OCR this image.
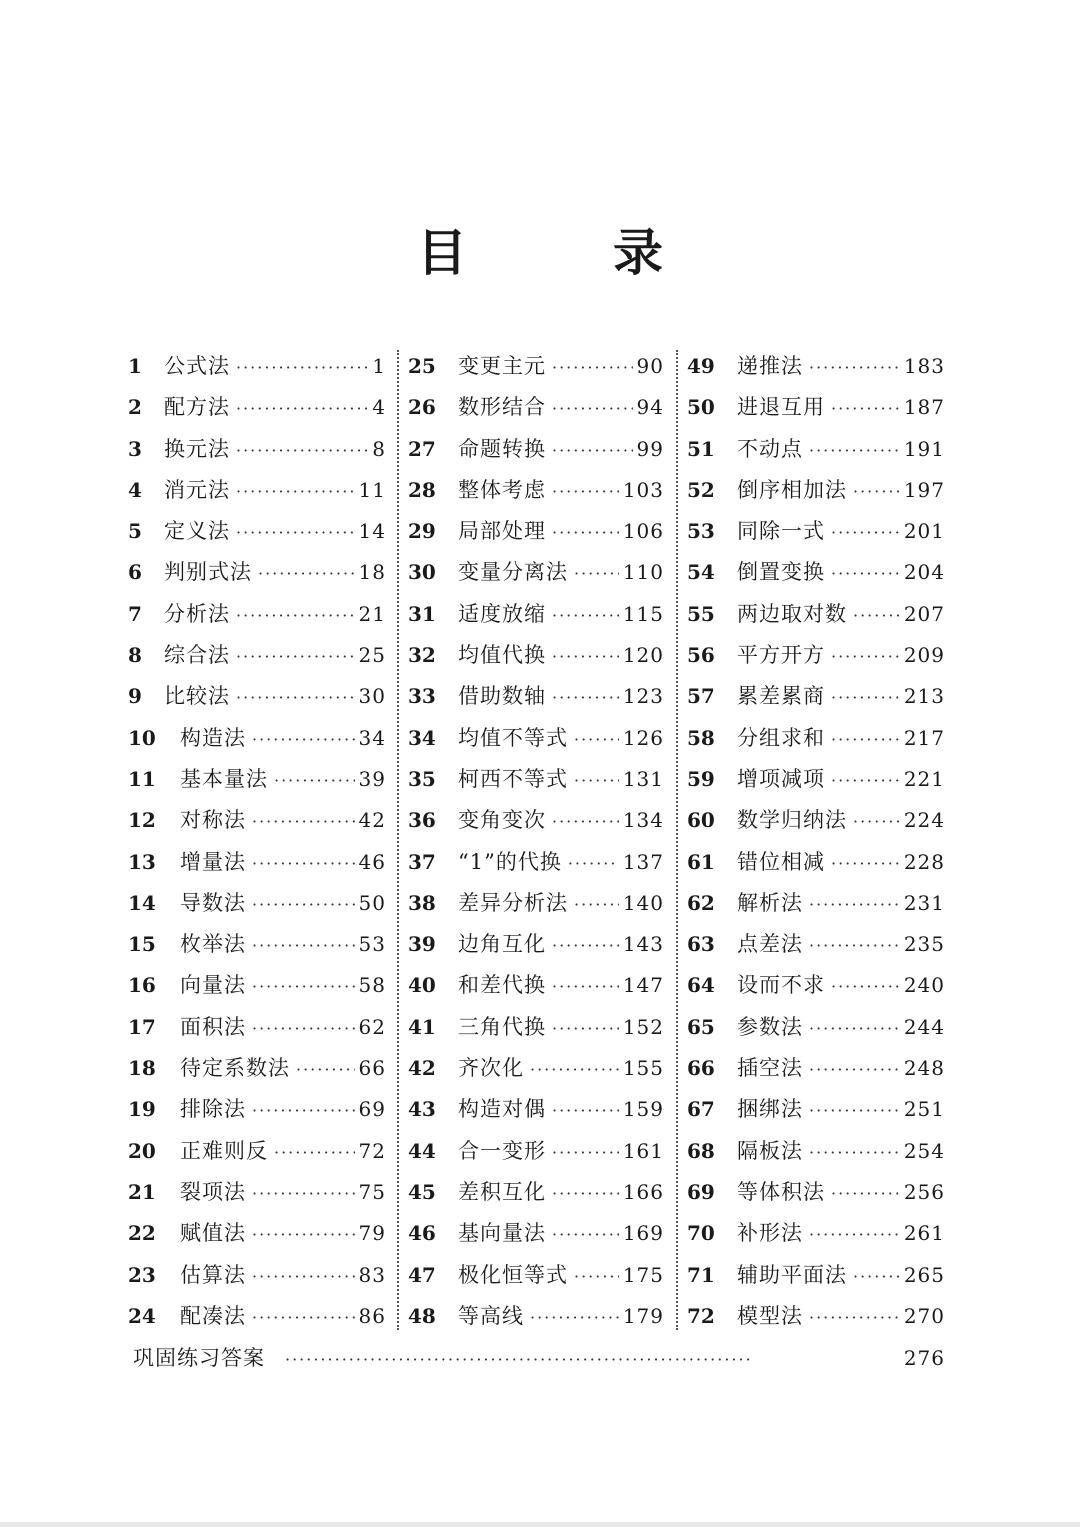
目　录
1	公式法 ·····	1
2	配方法 ·····	4
3	换元法 ·····	8
4	消元法 ·····	11
5	定义法 ·····	14
6	判别式法 ·····	18
7	分析法 ·····	21
8	综合法 ·····	25
9	比较法 ·····	30
10	构造法 ·····	34
11	基本量法 ·····	39
12	对称法 ·····	42
13	增量法 ·····	46
14	导数法 ·····	50
15	枚举法 ·····	53
16	向量法 ·····	58
17	面积法 ·····	62
18	待定系数法 ·····	66
19	排除法 ·····	69
20	正难则反 ·····	72
21	裂项法 ·····	75
22	赋值法 ·····	79
23	估算法 ·····	83
24	配凑法 ·····	86
25	变更主元 ·····	90
26	数形结合 ·····	94
27	命题转换 ·····	99
28	整体考虑 ·····	103
29	局部处理 ·····	106
30	变量分离法 ·····	110
31	适度放缩 ·····	115
32	均值代换 ·····	120
33	借助数轴 ·····	123
34	均值不等式 ·····	126
35	柯西不等式 ·····	131
36	变角变次 ·····	134
37	“1”的代换 ·····	137
38	差异分析法 ·····	140
39	边角互化 ·····	143
40	和差代换 ·····	147
41	三角代换 ·····	152
42	齐次化 ·····	155
43	构造对偶 ·····	159
44	合一变形 ·····	161
45	差积互化 ·····	166
46	基向量法 ·····	169
47	极化恒等式 ·····	175
48	等高线 ·····	179
49	递推法 ·····	183
50	进退互用 ·····	187
51	不动点 ·····	191
52	倒序相加法 ·····	197
53	同除一式 ·····	201
54	倒置变换 ·····	204
55	两边取对数 ·····	207
56	平方开方 ·····	209
57	累差累商 ·····	213
58	分组求和 ·····	217
59	增项减项 ·····	221
60	数学归纳法 ·····	224
61	错位相减 ·····	228
62	解析法 ·····	231
63	点差法 ·····	235
64	设而不求 ·····	240
65	参数法 ·····	244
66	插空法 ·····	248
67	捆绑法 ·····	251
68	隔板法 ·····	254
69	等体积法 ·····	256
70	补形法 ·····	261
71	辅助平面法 ·····	265
72	模型法 ·····	270
巩固练习答案 ·····	276
